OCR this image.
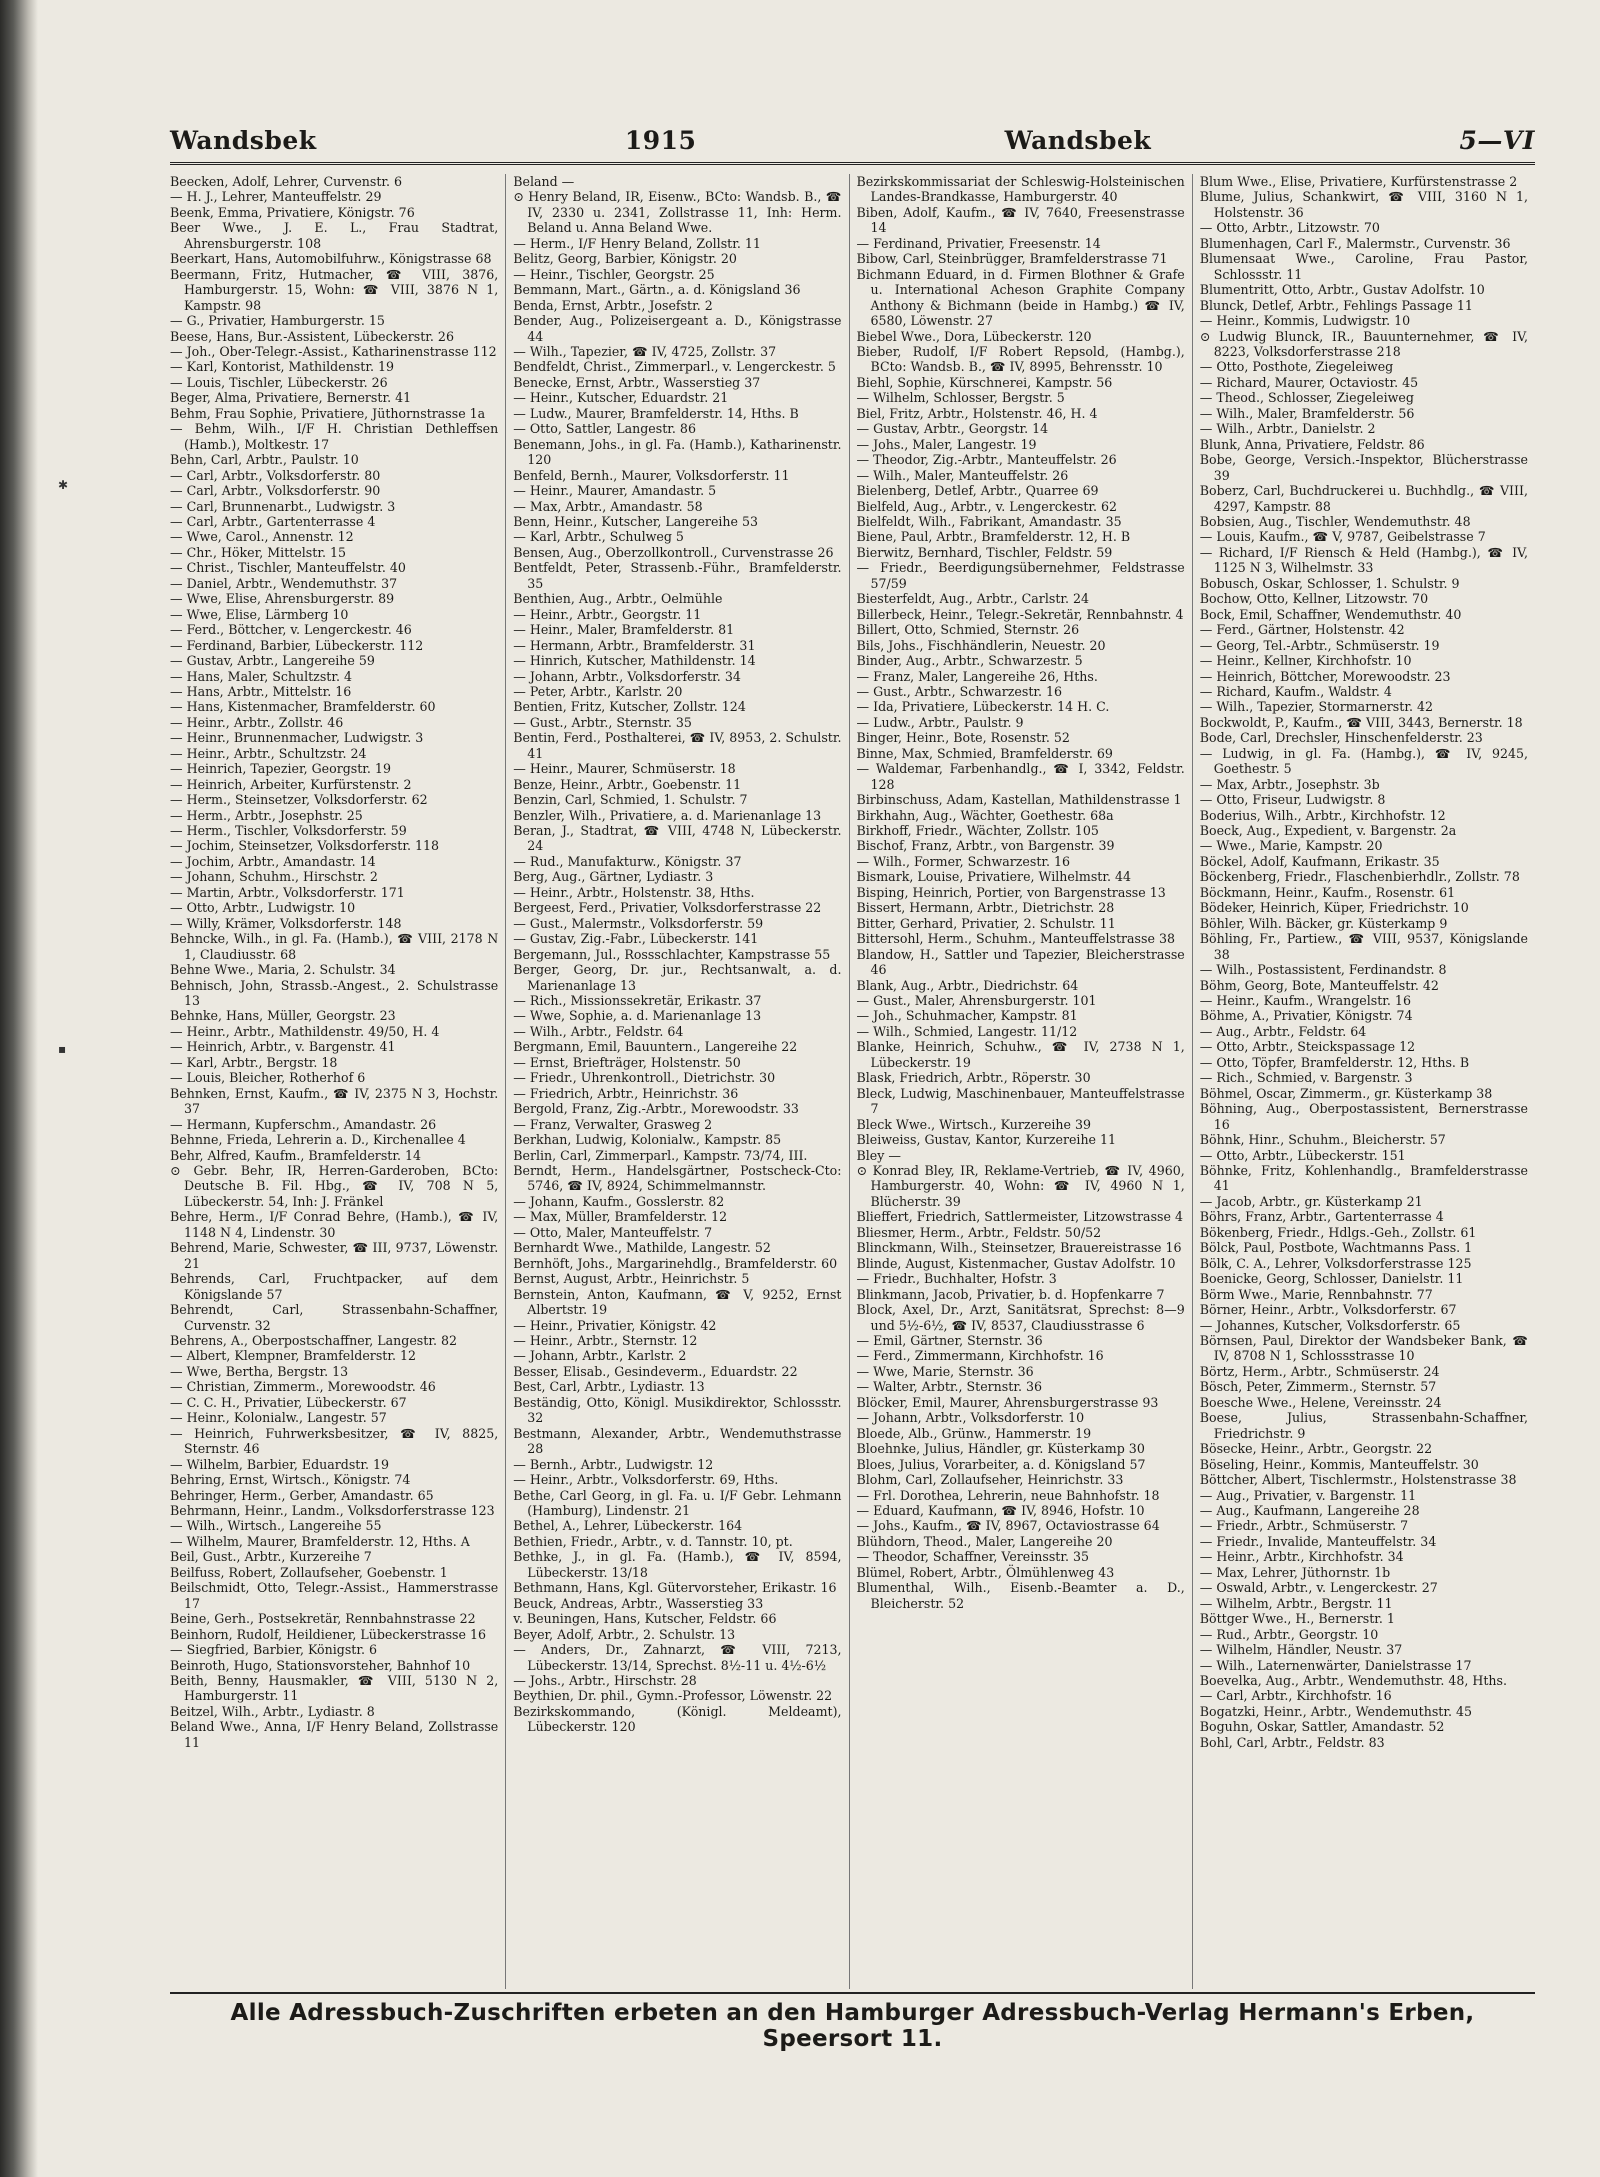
✱
▪
Wandsbek	1915	Wandsbek	5—VI

Beecken, Adolf, Lehrer, Curvenstr. 6

— H. J., Lehrer, Manteuffelstr. 29

Beenk, Emma, Privatiere, Königstr. 76

Beer Wwe., J. E. L., Frau Stadtrat, Ahrensburgerstr. 108

Beerkart, Hans, Automobilfuhrw., Königstrasse 68

Beermann, Fritz, Hutmacher, ☎ VIII, 3876, Hamburgerstr. 15, Wohn: ☎ VIII, 3876 N 1, Kampstr. 98

— G., Privatier, Hamburgerstr. 15

Beese, Hans, Bur.-Assistent, Lübeckerstr. 26

— Joh., Ober-Telegr.-Assist., Katharinenstrasse 112

— Karl, Kontorist, Mathildenstr. 19

— Louis, Tischler, Lübeckerstr. 26

Beger, Alma, Privatiere, Bernerstr. 41

Behm, Frau Sophie, Privatiere, Jüthornstrasse 1a

— Behm, Wilh., I/F H. Christian Dethleffsen (Hamb.), Moltkestr. 17

Behn, Carl, Arbtr., Paulstr. 10

— Carl, Arbtr., Volksdorferstr. 80

— Carl, Arbtr., Volksdorferstr. 90

— Carl, Brunnenarbt., Ludwigstr. 3

— Carl, Arbtr., Gartenterrasse 4

— Wwe, Carol., Annenstr. 12

— Chr., Höker, Mittelstr. 15

— Christ., Tischler, Manteuffelstr. 40

— Daniel, Arbtr., Wendemuthstr. 37

— Wwe, Elise, Ahrensburgerstr. 89

— Wwe, Elise, Lärmberg 10

— Ferd., Böttcher, v. Lengerckestr. 46

— Ferdinand, Barbier, Lübeckerstr. 112

— Gustav, Arbtr., Langereihe 59

— Hans, Maler, Schultzstr. 4

— Hans, Arbtr., Mittelstr. 16

— Hans, Kistenmacher, Bramfelderstr. 60

— Heinr., Arbtr., Zollstr. 46

— Heinr., Brunnenmacher, Ludwigstr. 3

— Heinr., Arbtr., Schultzstr. 24

— Heinrich, Tapezier, Georgstr. 19

— Heinrich, Arbeiter, Kurfürstenstr. 2

— Herm., Steinsetzer, Volksdorferstr. 62

— Herm., Arbtr., Josephstr. 25

— Herm., Tischler, Volksdorferstr. 59

— Jochim, Steinsetzer, Volksdorferstr. 118

— Jochim, Arbtr., Amandastr. 14

— Johann, Schuhm., Hirschstr. 2

— Martin, Arbtr., Volksdorferstr. 171

— Otto, Arbtr., Ludwigstr. 10

— Willy, Krämer, Volksdorferstr. 148

Behncke, Wilh., in gl. Fa. (Hamb.), ☎ VIII, 2178 N 1, Claudiusstr. 68

Behne Wwe., Maria, 2. Schulstr. 34

Behnisch, John, Strassb.-Angest., 2. Schulstrasse 13

Behnke, Hans, Müller, Georgstr. 23

— Heinr., Arbtr., Mathildenstr. 49/50, H. 4

— Heinrich, Arbtr., v. Bargenstr. 41

— Karl, Arbtr., Bergstr. 18

— Louis, Bleicher, Rotherhof 6

Behnken, Ernst, Kaufm., ☎ IV, 2375 N 3, Hochstr. 37

— Hermann, Kupferschm., Amandastr. 26

Behnne, Frieda, Lehrerin a. D., Kirchenallee 4

Behr, Alfred, Kaufm., Bramfelderstr. 14

⊙ Gebr. Behr, IR, Herren-Garderoben, BCto: Deutsche B. Fil. Hbg., ☎ IV, 708 N 5, Lübeckerstr. 54, Inh: J. Fränkel

Behre, Herm., I/F Conrad Behre, (Hamb.), ☎ IV, 1148 N 4, Lindenstr. 30

Behrend, Marie, Schwester, ☎ III, 9737, Löwenstr. 21

Behrends, Carl, Fruchtpacker, auf dem Königslande 57

Behrendt, Carl, Strassenbahn-Schaffner, Curvenstr. 32

Behrens, A., Oberpostschaffner, Langestr. 82

— Albert, Klempner, Bramfelderstr. 12

— Wwe, Bertha, Bergstr. 13

— Christian, Zimmerm., Morewoodstr. 46

— C. C. H., Privatier, Lübeckerstr. 67

— Heinr., Kolonialw., Langestr. 57

— Heinrich, Fuhrwerksbesitzer, ☎ IV, 8825, Sternstr. 46

— Wilhelm, Barbier, Eduardstr. 19

Behring, Ernst, Wirtsch., Königstr. 74

Behringer, Herm., Gerber, Amandastr. 65

Behrmann, Heinr., Landm., Volksdorferstrasse 123

— Wilh., Wirtsch., Langereihe 55

— Wilhelm, Maurer, Bramfelderstr. 12, Hths. A

Beil, Gust., Arbtr., Kurzereihe 7

Beilfuss, Robert, Zollaufseher, Goebenstr. 1

Beilschmidt, Otto, Telegr.-Assist., Hammerstrasse 17

Beine, Gerh., Postsekretär, Rennbahnstrasse 22

Beinhorn, Rudolf, Heildiener, Lübeckerstrasse 16

— Siegfried, Barbier, Königstr. 6

Beinroth, Hugo, Stationsvorsteher, Bahnhof 10

Beith, Benny, Hausmakler, ☎ VIII, 5130 N 2, Hamburgerstr. 11

Beitzel, Wilh., Arbtr., Lydiastr. 8

Beland Wwe., Anna, I/F Henry Beland, Zollstrasse 11

Beland —

⊙ Henry Beland, IR, Eisenw., BCto: Wandsb. B., ☎ IV, 2330 u. 2341, Zollstrasse 11, Inh: Herm. Beland u. Anna Beland Wwe.

— Herm., I/F Henry Beland, Zollstr. 11

Belitz, Georg, Barbier, Königstr. 20

— Heinr., Tischler, Georgstr. 25

Bemmann, Mart., Gärtn., a. d. Königsland 36

Benda, Ernst, Arbtr., Josefstr. 2

Bender, Aug., Polizeisergeant a. D., Königstrasse 44

— Wilh., Tapezier, ☎ IV, 4725, Zollstr. 37

Bendfeldt, Christ., Zimmerparl., v. Lengerckestr. 5

Benecke, Ernst, Arbtr., Wasserstieg 37

— Heinr., Kutscher, Eduardstr. 21

— Ludw., Maurer, Bramfelderstr. 14, Hths. B

— Otto, Sattler, Langestr. 86

Benemann, Johs., in gl. Fa. (Hamb.), Katharinenstr. 120

Benfeld, Bernh., Maurer, Volksdorferstr. 11

— Heinr., Maurer, Amandastr. 5

— Max, Arbtr., Amandastr. 58

Benn, Heinr., Kutscher, Langereihe 53

— Karl, Arbtr., Schulweg 5

Bensen, Aug., Oberzollkontroll., Curvenstrasse 26

Bentfeldt, Peter, Strassenb.-Führ., Bramfelderstr. 35

Benthien, Aug., Arbtr., Oelmühle

— Heinr., Arbtr., Georgstr. 11

— Heinr., Maler, Bramfelderstr. 81

— Hermann, Arbtr., Bramfelderstr. 31

— Hinrich, Kutscher, Mathildenstr. 14

— Johann, Arbtr., Volksdorferstr. 34

— Peter, Arbtr., Karlstr. 20

Bentien, Fritz, Kutscher, Zollstr. 124

— Gust., Arbtr., Sternstr. 35

Bentin, Ferd., Posthalterei, ☎ IV, 8953, 2. Schulstr. 41

— Heinr., Maurer, Schmüserstr. 18

Benze, Heinr., Arbtr., Goebenstr. 11

Benzin, Carl, Schmied, 1. Schulstr. 7

Benzler, Wilh., Privatiere, a. d. Marienanlage 13

Beran, J., Stadtrat, ☎ VIII, 4748 N, Lübeckerstr. 24

— Rud., Manufakturw., Königstr. 37

Berg, Aug., Gärtner, Lydiastr. 3

— Heinr., Arbtr., Holstenstr. 38, Hths.

Bergeest, Ferd., Privatier, Volksdorferstrasse 22

— Gust., Malermstr., Volksdorferstr. 59

— Gustav, Zig.-Fabr., Lübeckerstr. 141

Bergemann, Jul., Rossschlachter, Kampstrasse 55

Berger, Georg, Dr. jur., Rechtsanwalt, a. d. Marienanlage 13

— Rich., Missionssekretär, Erikastr. 37

— Wwe, Sophie, a. d. Marienanlage 13

— Wilh., Arbtr., Feldstr. 64

Bergmann, Emil, Bauuntern., Langereihe 22

— Ernst, Briefträger, Holstenstr. 50

— Friedr., Uhrenkontroll., Dietrichstr. 30

— Friedrich, Arbtr., Heinrichstr. 36

Bergold, Franz, Zig.-Arbtr., Morewoodstr. 33

— Franz, Verwalter, Grasweg 2

Berkhan, Ludwig, Kolonialw., Kampstr. 85

Berlin, Carl, Zimmerparl., Kampstr. 73/74, III.

Berndt, Herm., Handelsgärtner, Postscheck-Cto: 5746, ☎ IV, 8924, Schimmelmannstr.

— Johann, Kaufm., Gosslerstr. 82

— Max, Müller, Bramfelderstr. 12

— Otto, Maler, Manteuffelstr. 7

Bernhardt Wwe., Mathilde, Langestr. 52

Bernhöft, Johs., Margarinehdlg., Bramfelderstr. 60

Bernst, August, Arbtr., Heinrichstr. 5

Bernstein, Anton, Kaufmann, ☎ V, 9252, Ernst Albertstr. 19

— Heinr., Privatier, Königstr. 42

— Heinr., Arbtr., Sternstr. 12

— Johann, Arbtr., Karlstr. 2

Besser, Elisab., Gesindeverm., Eduardstr. 22

Best, Carl, Arbtr., Lydiastr. 13

Beständig, Otto, Königl. Musikdirektor, Schlossstr. 32

Bestmann, Alexander, Arbtr., Wendemuthstrasse 28

— Bernh., Arbtr., Ludwigstr. 12

— Heinr., Arbtr., Volksdorferstr. 69, Hths.

Bethe, Carl Georg, in gl. Fa. u. I/F Gebr. Lehmann (Hamburg), Lindenstr. 21

Bethel, A., Lehrer, Lübeckerstr. 164

Bethien, Friedr., Arbtr., v. d. Tannstr. 10, pt.

Bethke, J., in gl. Fa. (Hamb.), ☎ IV, 8594, Lübeckerstr. 13/18

Bethmann, Hans, Kgl. Gütervorsteher, Erikastr. 16

Beuck, Andreas, Arbtr., Wasserstieg 33

v. Beuningen, Hans, Kutscher, Feldstr. 66

Beyer, Adolf, Arbtr., 2. Schulstr. 13

— Anders, Dr., Zahnarzt, ☎ VIII, 7213, Lübeckerstr. 13/14, Sprechst. 8½-11 u. 4½-6½

— Johs., Arbtr., Hirschstr. 28

Beythien, Dr. phil., Gymn.-Professor, Löwenstr. 22

Bezirkskommando, (Königl. Meldeamt), Lübeckerstr. 120

Bezirkskommissariat der Schleswig-Holsteinischen Landes-Brandkasse, Hamburgerstr. 40

Biben, Adolf, Kaufm., ☎ IV, 7640, Freesenstrasse 14

— Ferdinand, Privatier, Freesenstr. 14

Bibow, Carl, Steinbrügger, Bramfelderstrasse 71

Bichmann Eduard, in d. Firmen Blothner & Grafe u. International Acheson Graphite Company Anthony & Bichmann (beide in Hambg.) ☎ IV, 6580, Löwenstr. 27

Biebel Wwe., Dora, Lübeckerstr. 120

Bieber, Rudolf, I/F Robert Repsold, (Hambg.), BCto: Wandsb. B., ☎ IV, 8995, Behrensstr. 10

Biehl, Sophie, Kürschnerei, Kampstr. 56

— Wilhelm, Schlosser, Bergstr. 5

Biel, Fritz, Arbtr., Holstenstr. 46, H. 4

— Gustav, Arbtr., Georgstr. 14

— Johs., Maler, Langestr. 19

— Theodor, Zig.-Arbtr., Manteuffelstr. 26

— Wilh., Maler, Manteuffelstr. 26

Bielenberg, Detlef, Arbtr., Quarree 69

Bielfeld, Aug., Arbtr., v. Lengerckestr. 62

Bielfeldt, Wilh., Fabrikant, Amandastr. 35

Biene, Paul, Arbtr., Bramfelderstr. 12, H. B

Bierwitz, Bernhard, Tischler, Feldstr. 59

— Friedr., Beerdigungsübernehmer, Feldstrasse 57/59

Biesterfeldt, Aug., Arbtr., Carlstr. 24

Billerbeck, Heinr., Telegr.-Sekretär, Rennbahnstr. 4

Billert, Otto, Schmied, Sternstr. 26

Bils, Johs., Fischhändlerin, Neuestr. 20

Binder, Aug., Arbtr., Schwarzestr. 5

— Franz, Maler, Langereihe 26, Hths.

— Gust., Arbtr., Schwarzestr. 16

— Ida, Privatiere, Lübeckerstr. 14 H. C.

— Ludw., Arbtr., Paulstr. 9

Binger, Heinr., Bote, Rosenstr. 52

Binne, Max, Schmied, Bramfelderstr. 69

— Waldemar, Farbenhandlg., ☎ I, 3342, Feldstr. 128

Birbinschuss, Adam, Kastellan, Mathildenstrasse 1

Birkhahn, Aug., Wächter, Goethestr. 68a

Birkhoff, Friedr., Wächter, Zollstr. 105

Bischof, Franz, Arbtr., von Bargenstr. 39

— Wilh., Former, Schwarzestr. 16

Bismark, Louise, Privatiere, Wilhelmstr. 44

Bisping, Heinrich, Portier, von Bargenstrasse 13

Bissert, Hermann, Arbtr., Dietrichstr. 28

Bitter, Gerhard, Privatier, 2. Schulstr. 11

Bittersohl, Herm., Schuhm., Manteuffelstrasse 38

Blandow, H., Sattler und Tapezier, Bleicherstrasse 46

Blank, Aug., Arbtr., Diedrichstr. 64

— Gust., Maler, Ahrensburgerstr. 101

— Joh., Schuhmacher, Kampstr. 81

— Wilh., Schmied, Langestr. 11/12

Blanke, Heinrich, Schuhw., ☎ IV, 2738 N 1, Lübeckerstr. 19

Blask, Friedrich, Arbtr., Röperstr. 30

Bleck, Ludwig, Maschinenbauer, Manteuffelstrasse 7

Bleck Wwe., Wirtsch., Kurzereihe 39

Bleiweiss, Gustav, Kantor, Kurzereihe 11

Bley —

⊙ Konrad Bley, IR, Reklame-Vertrieb, ☎ IV, 4960, Hamburgerstr. 40, Wohn: ☎ IV, 4960 N 1, Blücherstr. 39

Blieffert, Friedrich, Sattlermeister, Litzowstrasse 4

Bliesmer, Herm., Arbtr., Feldstr. 50/52

Blinckmann, Wilh., Steinsetzer, Brauereistrasse 16

Blinde, August, Kistenmacher, Gustav Adolfstr. 10

— Friedr., Buchhalter, Hofstr. 3

Blinkmann, Jacob, Privatier, b. d. Hopfenkarre 7

Block, Axel, Dr., Arzt, Sanitätsrat, Sprechst: 8—9 und 5½-6½, ☎ IV, 8537, Claudiusstrasse 6

— Emil, Gärtner, Sternstr. 36

— Ferd., Zimmermann, Kirchhofstr. 16

— Wwe, Marie, Sternstr. 36

— Walter, Arbtr., Sternstr. 36

Blöcker, Emil, Maurer, Ahrensburgerstrasse 93

— Johann, Arbtr., Volksdorferstr. 10

Bloede, Alb., Grünw., Hammerstr. 19

Bloehnke, Julius, Händler, gr. Küsterkamp 30

Bloes, Julius, Vorarbeiter, a. d. Königsland 57

Blohm, Carl, Zollaufseher, Heinrichstr. 33

— Frl. Dorothea, Lehrerin, neue Bahnhofstr. 18

— Eduard, Kaufmann, ☎ IV, 8946, Hofstr. 10

— Johs., Kaufm., ☎ IV, 8967, Octaviostrasse 64

Blühdorn, Theod., Maler, Langereihe 20

— Theodor, Schaffner, Vereinsstr. 35

Blümel, Robert, Arbtr., Ölmühlenweg 43

Blumenthal, Wilh., Eisenb.-Beamter a. D., Bleicherstr. 52

Blum Wwe., Elise, Privatiere, Kurfürstenstrasse 2

Blume, Julius, Schankwirt, ☎ VIII, 3160 N 1, Holstenstr. 36

— Otto, Arbtr., Litzowstr. 70

Blumenhagen, Carl F., Malermstr., Curvenstr. 36

Blumensaat Wwe., Caroline, Frau Pastor, Schlossstr. 11

Blumentritt, Otto, Arbtr., Gustav Adolfstr. 10

Blunck, Detlef, Arbtr., Fehlings Passage 11

— Heinr., Kommis, Ludwigstr. 10

⊙ Ludwig Blunck, IR., Bauunternehmer, ☎ IV, 8223, Volksdorferstrasse 218

— Otto, Posthote, Ziegeleiweg

— Richard, Maurer, Octaviostr. 45

— Theod., Schlosser, Ziegeleiweg

— Wilh., Maler, Bramfelderstr. 56

— Wilh., Arbtr., Danielstr. 2

Blunk, Anna, Privatiere, Feldstr. 86

Bobe, George, Versich.-Inspektor, Blücherstrasse 39

Boberz, Carl, Buchdruckerei u. Buchhdlg., ☎ VIII, 4297, Kampstr. 88

Bobsien, Aug., Tischler, Wendemuthstr. 48

— Louis, Kaufm., ☎ V, 9787, Geibelstrasse 7

— Richard, I/F Riensch & Held (Hambg.), ☎ IV, 1125 N 3, Wilhelmstr. 33

Bobusch, Oskar, Schlosser, 1. Schulstr. 9

Bochow, Otto, Kellner, Litzowstr. 70

Bock, Emil, Schaffner, Wendemuthstr. 40

— Ferd., Gärtner, Holstenstr. 42

— Georg, Tel.-Arbtr., Schmüserstr. 19

— Heinr., Kellner, Kirchhofstr. 10

— Heinrich, Böttcher, Morewoodstr. 23

— Richard, Kaufm., Waldstr. 4

— Wilh., Tapezier, Stormarnerstr. 42

Bockwoldt, P., Kaufm., ☎ VIII, 3443, Bernerstr. 18

Bode, Carl, Drechsler, Hinschenfelderstr. 23

— Ludwig, in gl. Fa. (Hambg.), ☎ IV, 9245, Goethestr. 5

— Max, Arbtr., Josephstr. 3b

— Otto, Friseur, Ludwigstr. 8

Boderius, Wilh., Arbtr., Kirchhofstr. 12

Boeck, Aug., Expedient, v. Bargenstr. 2a

— Wwe., Marie, Kampstr. 20

Böckel, Adolf, Kaufmann, Erikastr. 35

Böckenberg, Friedr., Flaschenbierhdlr., Zollstr. 78

Böckmann, Heinr., Kaufm., Rosenstr. 61

Bödeker, Heinrich, Küper, Friedrichstr. 10

Böhler, Wilh. Bäcker, gr. Küsterkamp 9

Böhling, Fr., Partiew., ☎ VIII, 9537, Königslande 38

— Wilh., Postassistent, Ferdinandstr. 8

Böhm, Georg, Bote, Manteuffelstr. 42

— Heinr., Kaufm., Wrangelstr. 16

Böhme, A., Privatier, Königstr. 74

— Aug., Arbtr., Feldstr. 64

— Otto, Arbtr., Steickspassage 12

— Otto, Töpfer, Bramfelderstr. 12, Hths. B

— Rich., Schmied, v. Bargenstr. 3

Böhmel, Oscar, Zimmerm., gr. Küsterkamp 38

Böhning, Aug., Oberpostassistent, Bernerstrasse 16

Böhnk, Hinr., Schuhm., Bleicherstr. 57

— Otto, Arbtr., Lübeckerstr. 151

Böhnke, Fritz, Kohlenhandlg., Bramfelderstrasse 41

— Jacob, Arbtr., gr. Küsterkamp 21

Böhrs, Franz, Arbtr., Gartenterrasse 4

Bökenberg, Friedr., Hdlgs.-Geh., Zollstr. 61

Bölck, Paul, Postbote, Wachtmanns Pass. 1

Bölk, C. A., Lehrer, Volksdorferstrasse 125

Boenicke, Georg, Schlosser, Danielstr. 11

Börm Wwe., Marie, Rennbahnstr. 77

Börner, Heinr., Arbtr., Volksdorferstr. 67

— Johannes, Kutscher, Volksdorferstr. 65

Börnsen, Paul, Direktor der Wandsbeker Bank, ☎ IV, 8708 N 1, Schlossstrasse 10

Börtz, Herm., Arbtr., Schmüserstr. 24

Bösch, Peter, Zimmerm., Sternstr. 57

Boesche Wwe., Helene, Vereinsstr. 24

Boese, Julius, Strassenbahn-Schaffner, Friedrichstr. 9

Bösecke, Heinr., Arbtr., Georgstr. 22

Böseling, Heinr., Kommis, Manteuffelstr. 30

Böttcher, Albert, Tischlermstr., Holstenstrasse 38

— Aug., Privatier, v. Bargenstr. 11

— Aug., Kaufmann, Langereihe 28

— Friedr., Arbtr., Schmüserstr. 7

— Friedr., Invalide, Manteuffelstr. 34

— Heinr., Arbtr., Kirchhofstr. 34

— Max, Lehrer, Jüthornstr. 1b

— Oswald, Arbtr., v. Lengerckestr. 27

— Wilhelm, Arbtr., Bergstr. 11

Böttger Wwe., H., Bernerstr. 1

— Rud., Arbtr., Georgstr. 10

— Wilhelm, Händler, Neustr. 37

— Wilh., Laternenwärter, Danielstrasse 17

Boevelka, Aug., Arbtr., Wendemuthstr. 48, Hths.

— Carl, Arbtr., Kirchhofstr. 16

Bogatzki, Heinr., Arbtr., Wendemuthstr. 45

Boguhn, Oskar, Sattler, Amandastr. 52

Bohl, Carl, Arbtr., Feldstr. 83

Alle Adressbuch-Zuschriften erbeten an den Hamburger Adressbuch-Verlag Hermann's Erben, Speersort 11.
